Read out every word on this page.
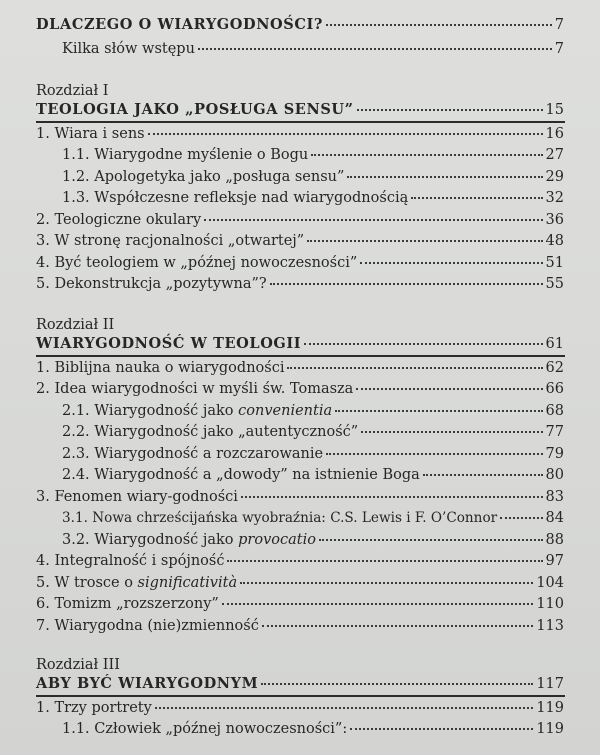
DLACZEGO O WIARYGODNOŚCI?	7
Kilka słów wstępu	7
Rozdział I
TEOLOGIA JAKO „POSŁUGA SENSU”	15
1. Wiara i sens	16
1.1. Wiarygodne myślenie o Bogu	27
1.2. Apologetyka jako „posługa sensu”	29
1.3. Współczesne refleksje nad wiarygodnością	32
2. Teologiczne okulary	36
3. W stronę racjonalności „otwartej”	48
4. Być teologiem w „późnej nowoczesności”	51
5. Dekonstrukcja „pozytywna”?	55
Rozdział II
WIARYGODNOŚĆ W TEOLOGII	61
1. Biblijna nauka o wiarygodności	62
2. Idea wiarygodności w myśli św. Tomasza	66
2.1. Wiarygodność jako convenientia	68
2.2. Wiarygodność jako „autentyczność”	77
2.3. Wiarygodność a rozczarowanie	79
2.4. Wiarygodność a „dowody” na istnienie Boga	80
3. Fenomen wiary-godności	83
3.1. Nowa chrześcijańska wyobraźnia: C.S. Lewis i F. O’Connor	84
3.2. Wiarygodność jako provocatio	88
4. Integralność i spójność	97
5. W trosce o significatività	104
6. Tomizm „rozszerzony”	110
7. Wiarygodna (nie)zmienność	113
Rozdział III
ABY BYĆ WIARYGODNYM	117
1. Trzy portrety	119
1.1. Człowiek „późnej nowoczesności”:	119
